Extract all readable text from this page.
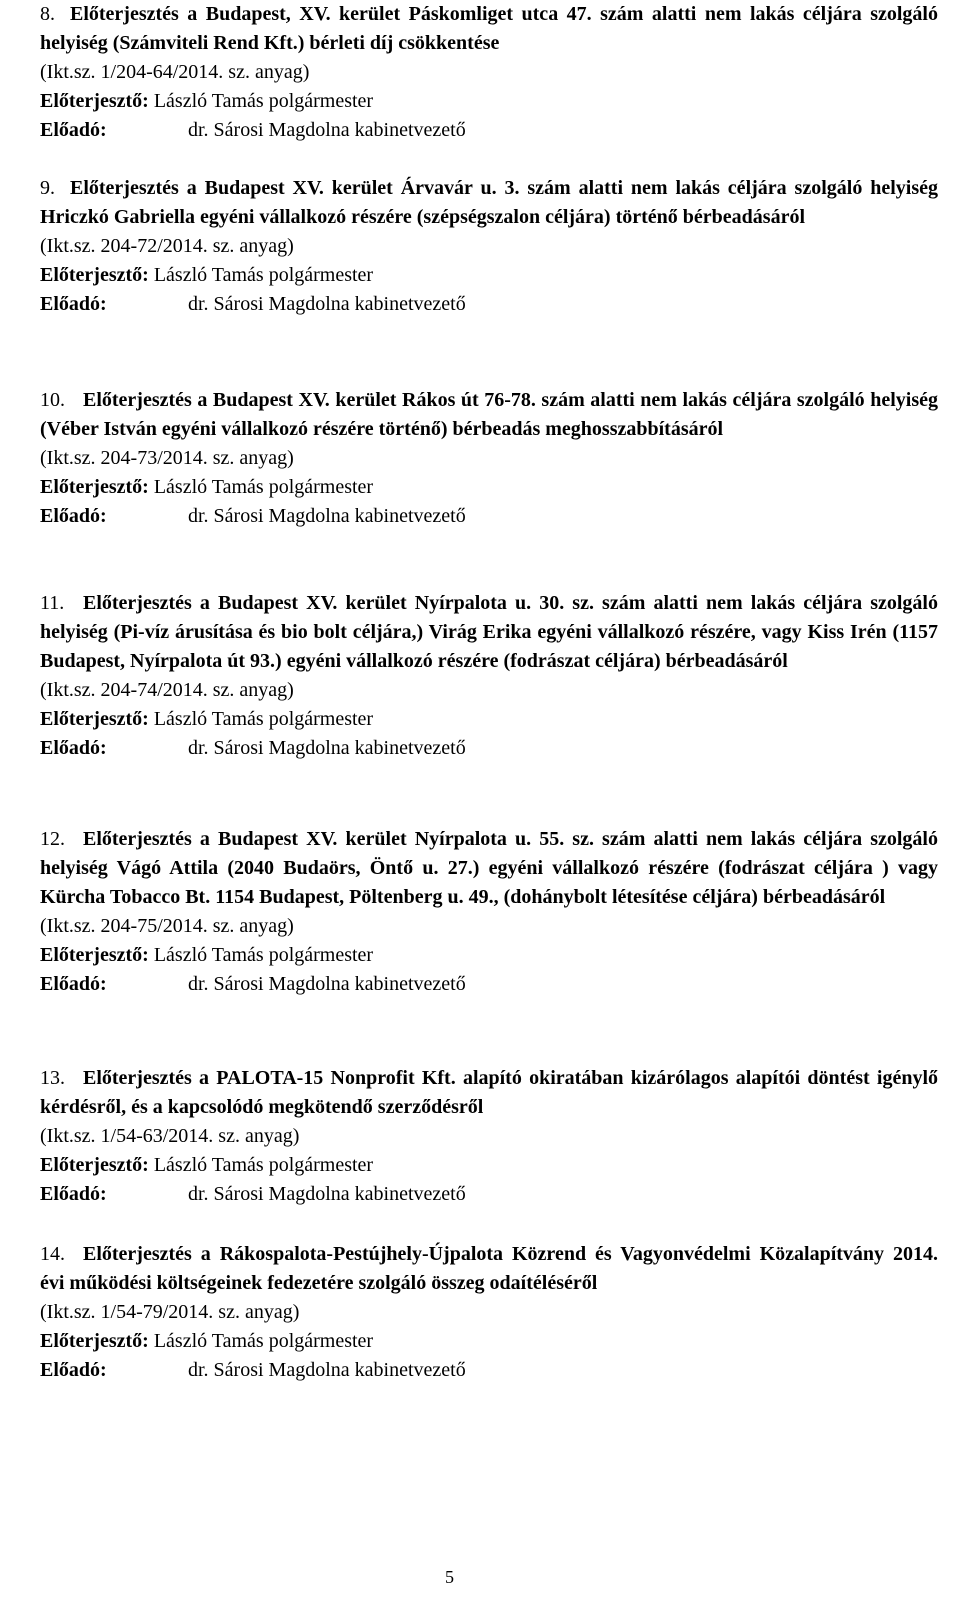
8. Előterjesztés a Budapest, XV. kerület Páskomliget utca 47. szám alatti nem lakás céljára szolgáló helyiség (Számviteli Rend Kft.) bérleti díj csökkentése
(Ikt.sz. 1/204-64/2014. sz. anyag)
Előterjesztő: László Tamás polgármester
Előadó:	dr. Sárosi Magdolna kabinetvezető
9. Előterjesztés a Budapest XV. kerület Árvavár u. 3. szám alatti nem lakás céljára szolgáló helyiség Hriczkó Gabriella egyéni vállalkozó részére (szépségszalon céljára) történő bérbeadásáról
(Ikt.sz. 204-72/2014. sz. anyag)
Előterjesztő: László Tamás polgármester
Előadó:	dr. Sárosi Magdolna kabinetvezető
10. Előterjesztés a Budapest XV. kerület Rákos út 76-78. szám alatti nem lakás céljára szolgáló helyiség (Véber István egyéni vállalkozó részére történő) bérbeadás meghosszabbításáról
(Ikt.sz. 204-73/2014. sz. anyag)
Előterjesztő: László Tamás polgármester
Előadó:	dr. Sárosi Magdolna kabinetvezető
11. Előterjesztés a Budapest XV. kerület Nyírpalota u. 30. sz. szám alatti nem lakás céljára szolgáló helyiség (Pi-víz árusítása és bio bolt céljára,) Virág Erika egyéni vállalkozó részére, vagy Kiss Irén (1157 Budapest, Nyírpalota út 93.) egyéni vállalkozó részére (fodrászat céljára) bérbeadásáról
(Ikt.sz. 204-74/2014. sz. anyag)
Előterjesztő: László Tamás polgármester
Előadó:	dr. Sárosi Magdolna kabinetvezető
12. Előterjesztés a Budapest XV. kerület Nyírpalota u. 55. sz. szám alatti nem lakás céljára szolgáló helyiség Vágó Attila (2040 Budaörs, Öntő u. 27.) egyéni vállalkozó részére (fodrászat céljára ) vagy Kürcha Tobacco Bt. 1154 Budapest, Pöltenberg u. 49., (dohánybolt létesítése céljára) bérbeadásáról
(Ikt.sz. 204-75/2014. sz. anyag)
Előterjesztő: László Tamás polgármester
Előadó:	dr. Sárosi Magdolna kabinetvezető
13. Előterjesztés a PALOTA-15 Nonprofit Kft. alapító okiratában kizárólagos alapítói döntést igénylő kérdésről, és a kapcsolódó megkötendő szerződésről
(Ikt.sz. 1/54-63/2014. sz. anyag)
Előterjesztő: László Tamás polgármester
Előadó:	dr. Sárosi Magdolna kabinetvezető
14. Előterjesztés a Rákospalota-Pestújhely-Újpalota Közrend és Vagyonvédelmi Közalapítvány 2014. évi működési költségeinek fedezetére szolgáló összeg odaítéléséről
(Ikt.sz. 1/54-79/2014. sz. anyag)
Előterjesztő: László Tamás polgármester
Előadó:	dr. Sárosi Magdolna kabinetvezető
5
